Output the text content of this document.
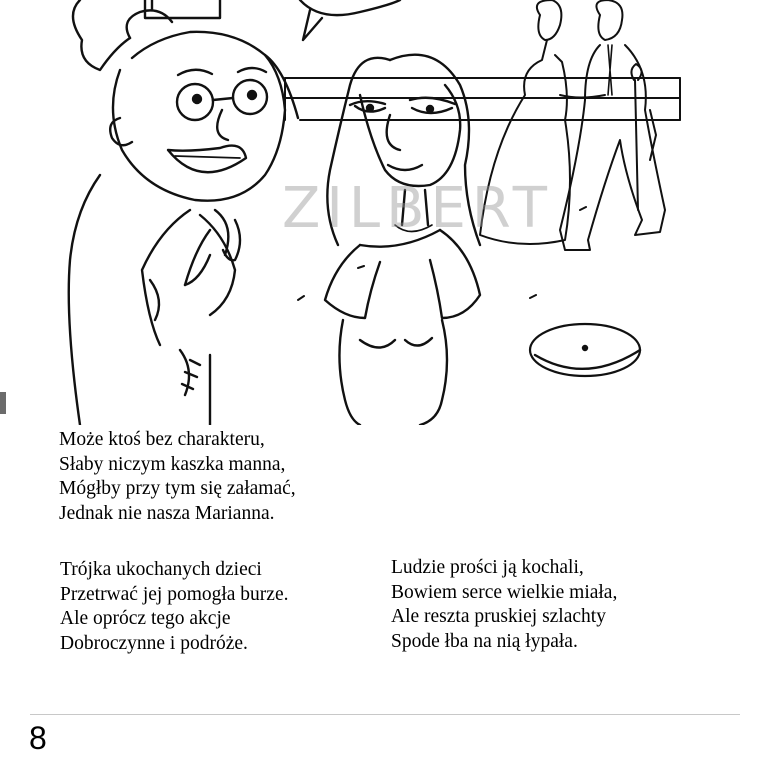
ZILBERT
Może ktoś bez charakteru,
Słaby niczym kaszka manna,
Mógłby przy tym się załamać,
Jednak nie nasza Marianna.
Trójka ukochanych dzieci
Przetrwać jej pomogła burze.
Ale oprócz tego akcje
Dobroczynne i podróże.
Ludzie prości ją kochali,
Bowiem serce wielkie miała,
Ale reszta pruskiej szlachty
Spode łba na nią łypała.
8
